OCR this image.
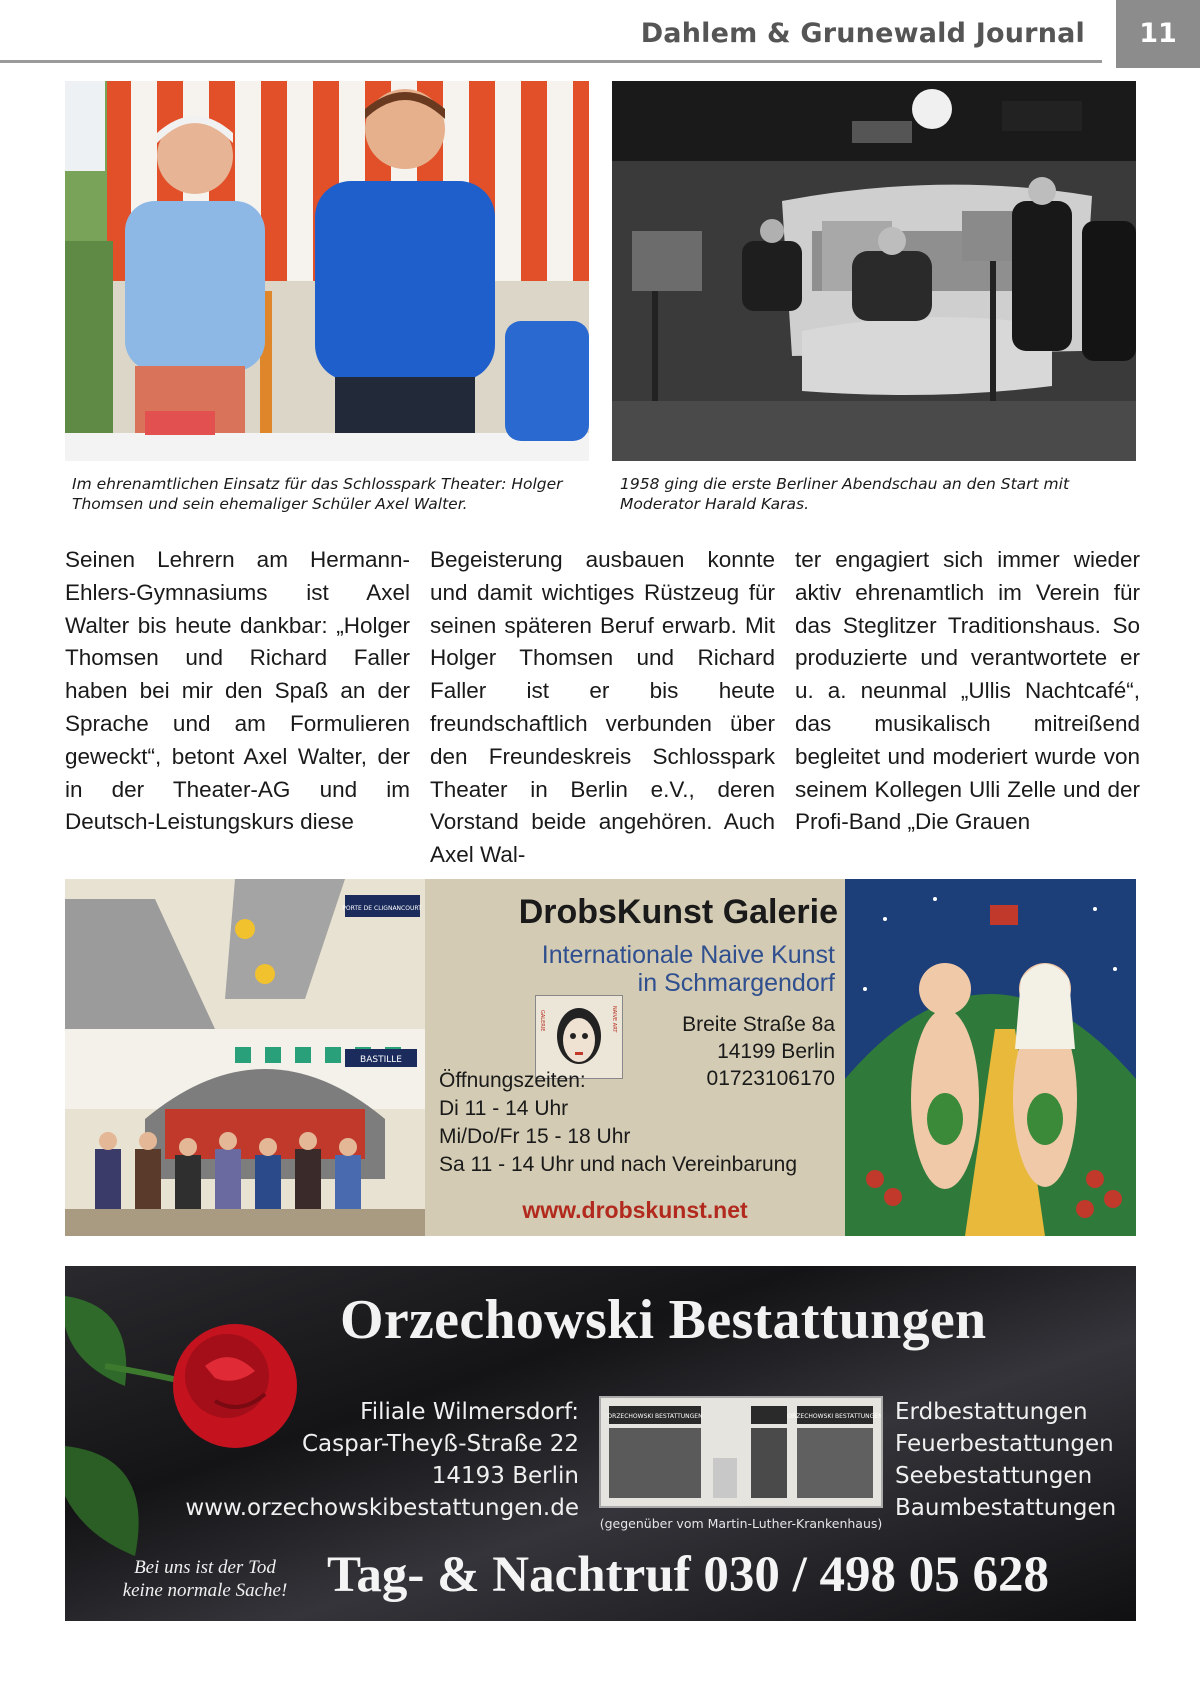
Dahlem & Grunewald Journal	11
Im ehrenamtlichen Einsatz für das Schlosspark Theater: Holger Thomsen und sein ehemaliger Schüler Axel Walter.
1958 ging die erste Berliner Abendschau an den Start mit Moderator Harald Karas.
Seinen Lehrern am Hermann-Ehlers-Gymnasiums ist Axel Walter bis heute dankbar: „Holger Thomsen und Richard Faller haben bei mir den Spaß an der Sprache und am Formulieren geweckt“, betont Axel Walter, der in der Theater-AG und im Deutsch-Leistungskurs diese
Begeisterung ausbauen konnte und damit wichtiges Rüstzeug für seinen späteren Beruf erwarb. Mit Holger Thomsen und Richard Faller ist er bis heute freundschaftlich verbunden über den Freundeskreis Schlosspark Theater in Berlin e.V., deren Vorstand beide angehören. Auch Axel Wal-
ter engagiert sich immer wieder aktiv ehrenamtlich im Verein für das Steglitzer Traditionshaus. So produzierte und verantwortete er u. a. neunmal „Ullis Nachtcafé“, das musikalisch mitreißend begleitet und moderiert wurde von seinem Kollegen Ulli Zelle und der Profi-Band „Die Grauen
PORTE DE CLIGNANCOURT
BASTILLE
DrobsKunst Galerie
Internationale Naive Kunst
in Schmargendorf
GALERIE	NAIVE ART	Breite Straße 8a
14199 Berlin
01723106170
Öffnungszeiten:
Di 11 - 14 Uhr
Mi/Do/Fr 15 - 18 Uhr
Sa 11 - 14 Uhr und nach Vereinbarung
www.drobskunst.net
Orzechowski Bestattungen
Filiale Wilmersdorf:
Caspar-Theyß-Straße 22
14193 Berlin
www.orzechowskibestattungen.de
ORZECHOWSKI BESTATTUNGEN	ORZECHOWSKI BESTATTUNGEN
(gegenüber vom Martin-Luther-Krankenhaus)
Erdbestattungen
Feuerbestattungen
Seebestattungen
Baumbestattungen
Bei uns ist der Tod
keine normale Sache! Tag- & Nachtruf 030 / 498 05 628
